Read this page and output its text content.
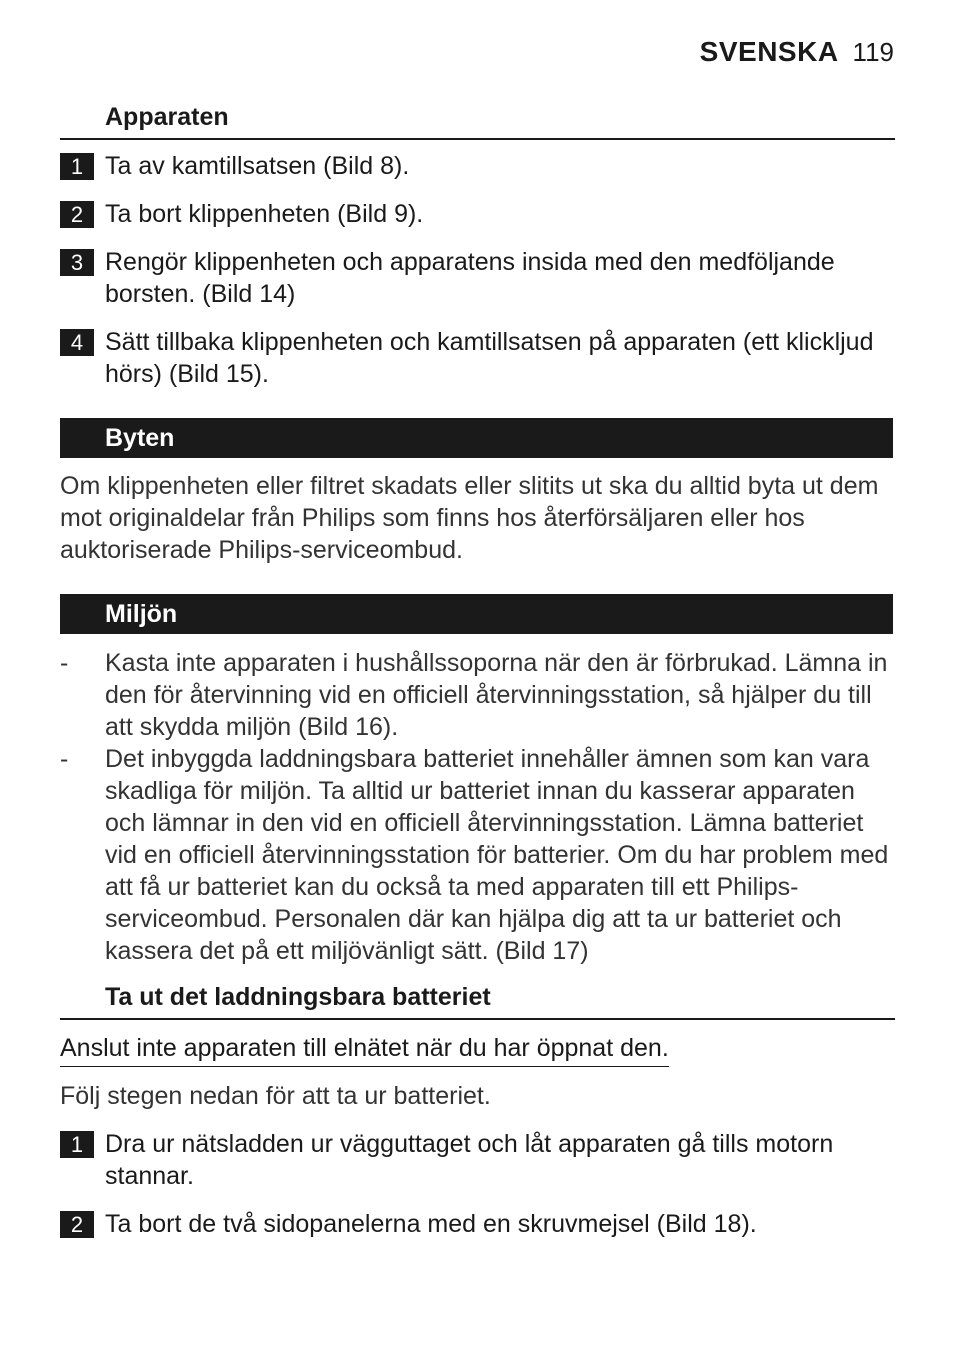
SVENSKA 119
Apparaten
1 Ta av kamtillsatsen (Bild 8).
2 Ta bort klippenheten (Bild 9).
3 Rengör klippenheten och apparatens insida med den medföljande borsten. (Bild 14)
4 Sätt tillbaka klippenheten och kamtillsatsen på apparaten (ett klickljud hörs) (Bild 15).
Byten
Om klippenheten eller filtret skadats eller slitits ut ska du alltid byta ut dem mot originaldelar från Philips som finns hos återförsäljaren eller hos auktoriserade Philips-serviceombud.
Miljön
- Kasta inte apparaten i hushållssoporna när den är förbrukad. Lämna in den för återvinning vid en officiell återvinningsstation, så hjälper du till att skydda miljön (Bild 16).
- Det inbyggda laddningsbara batteriet innehåller ämnen som kan vara skadliga för miljön. Ta alltid ur batteriet innan du kasserar apparaten och lämnar in den vid en officiell återvinningsstation. Lämna batteriet vid en officiell återvinningsstation för batterier. Om du har problem med att få ur batteriet kan du också ta med apparaten till ett Philips-serviceombud. Personalen där kan hjälpa dig att ta ur batteriet och kassera det på ett miljövänligt sätt. (Bild 17)
Ta ut det laddningsbara batteriet
Anslut inte apparaten till elnätet när du har öppnat den.
Följ stegen nedan för att ta ur batteriet.
1 Dra ur nätsladden ur vägguttaget och låt apparaten gå tills motorn stannar.
2 Ta bort de två sidopanelerna med en skruvmejsel (Bild 18).
